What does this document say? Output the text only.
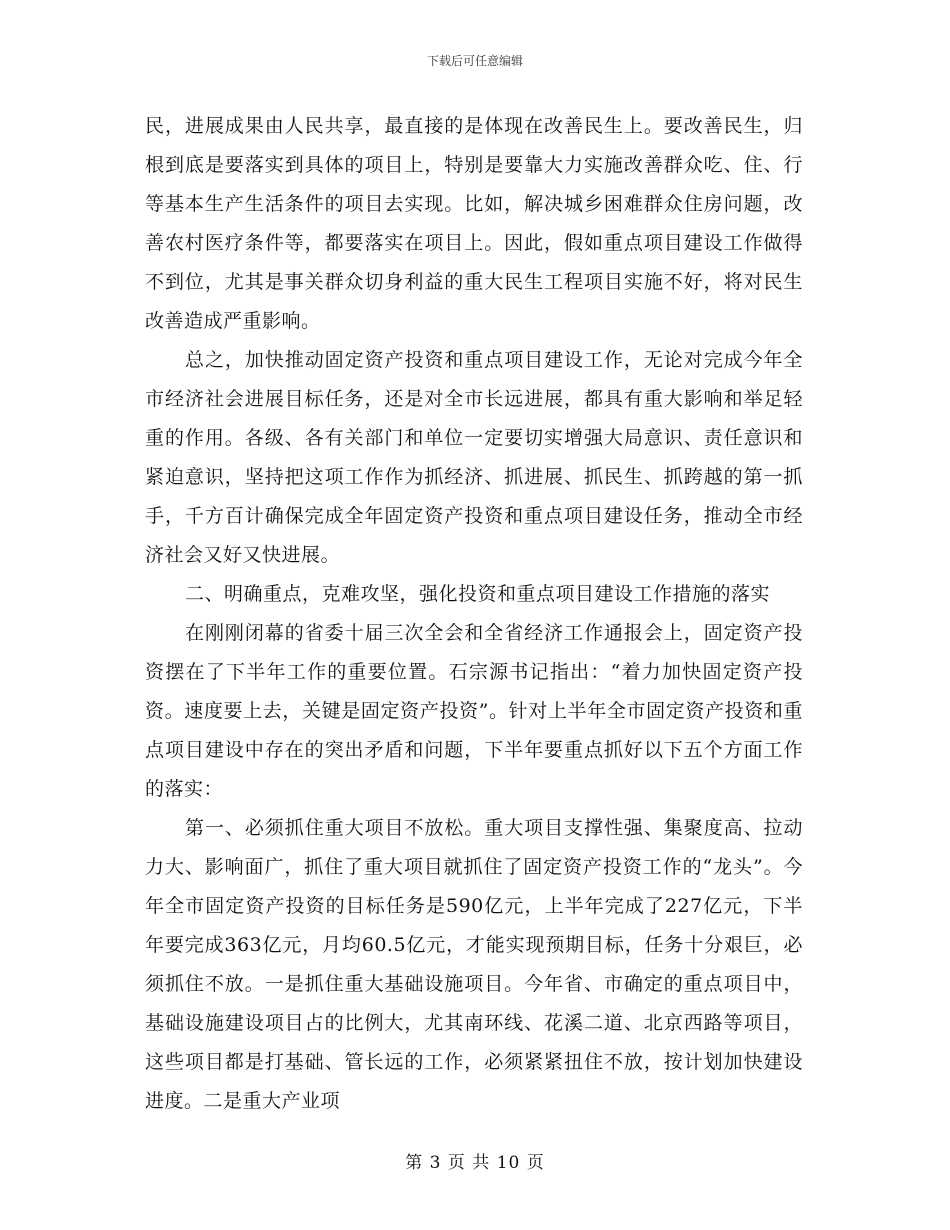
下载后可任意编辑

民，进展成果由人民共享，最直接的是体现在改善民生上。要改善民生，归根到底是要落实到具体的项目上，特别是要靠大力实施改善群众吃、住、行等基本生产生活条件的项目去实现。比如，解决城乡困难群众住房问题，改善农村医疗条件等，都要落实在项目上。因此，假如重点项目建设工作做得不到位，尤其是事关群众切身利益的重大民生工程项目实施不好，将对民生改善造成严重影响。

总之，加快推动固定资产投资和重点项目建设工作，无论对完成今年全市经济社会进展目标任务，还是对全市长远进展，都具有重大影响和举足轻重的作用。各级、各有关部门和单位一定要切实增强大局意识、责任意识和紧迫意识，坚持把这项工作作为抓经济、抓进展、抓民生、抓跨越的第一抓手，千方百计确保完成全年固定资产投资和重点项目建设任务，推动全市经济社会又好又快进展。

二、明确重点，克难攻坚，强化投资和重点项目建设工作措施的落实

在刚刚闭幕的省委十届三次全会和全省经济工作通报会上，固定资产投资摆在了下半年工作的重要位置。石宗源书记指出：“着力加快固定资产投资。速度要上去，关键是固定资产投资”。针对上半年全市固定资产投资和重点项目建设中存在的突出矛盾和问题，下半年要重点抓好以下五个方面工作的落实：

第一、必须抓住重大项目不放松。重大项目支撑性强、集聚度高、拉动力大、影响面广，抓住了重大项目就抓住了固定资产投资工作的“龙头”。今年全市固定资产投资的目标任务是590亿元，上半年完成了227亿元，下半年要完成363亿元，月均60.5亿元，才能实现预期目标，任务十分艰巨，必须抓住不放。一是抓住重大基础设施项目。今年省、市确定的重点项目中，基础设施建设项目占的比例大，尤其南环线、花溪二道、北京西路等项目，这些项目都是打基础、管长远的工作，必须紧紧扭住不放，按计划加快建设进度。二是重大产业项

第 3 页 共 10 页
